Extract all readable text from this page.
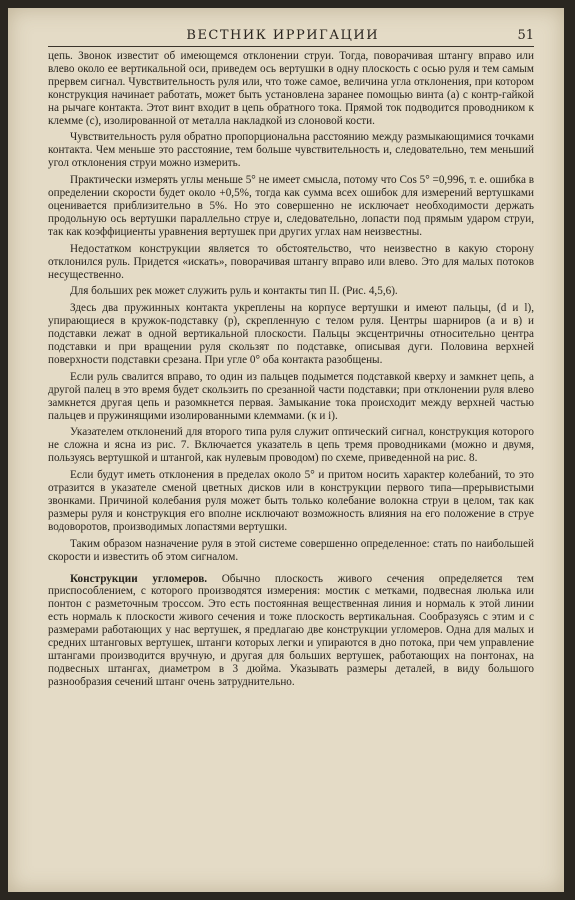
ВЕСТНИК ИРРИГАЦИИ	51

цепь. Звонок известит об имеющемся отклонении струи. Тогда, поворачивая штангу вправо или влево около ее вертикальной оси, приведем ось вертушки в одну плоскость с осью руля и тем самым прервем сигнал. Чувствительность руля или, что тоже самое, величина угла отклонения, при котором конструкция начинает работать, может быть установлена заранее помощью винта (а) с контр-гайкой на рычаге контакта. Этот винт входит в цепь обратного тока. Прямой ток подводится проводником к клемме (с), изолированной от металла накладкой из слоновой кости.

Чувствительность руля обратно пропорциональна расстоянию между размыкающимися точками контакта. Чем меньше это расстояние, тем больше чувствительность и, следовательно, тем меньший угол отклонения струи можно измерить.

Практически измерять углы меньше 5° не имеет смысла, потому что Cos 5° =0,996, т. е. ошибка в определении скорости будет около +0,5%, тогда как сумма всех ошибок для измерений вертушками оценивается приблизительно в 5%. Но это совершенно не исключает необходимости держать продольную ось вертушки параллельно струе и, следовательно, лопасти под прямым ударом струи, так как коэффициенты уравнения вертушек при других углах нам неизвестны.

Недостатком конструкции является то обстоятельство, что неизвестно в какую сторону отклонился руль. Придется «искать», поворачивая штангу вправо или влево. Это для малых потоков несущественно.

Для больших рек может служить руль и контакты тип II. (Рис. 4,5,6).

Здесь два пружинных контакта укреплены на корпусе вертушки и имеют пальцы, (d и l), упирающиеся в кружок-подставку (р), скрепленную с телом руля. Центры шарниров (а и в) и подставки лежат в одной вертикальной плоскости. Пальцы эксцентричны относительно центра подставки и при вращении руля скользят по подставке, описывая дуги. Половина верхней поверхности подставки срезана. При угле 0° оба контакта разобщены.

Если руль свалится вправо, то один из пальцев подымется подставкой кверху и замкнет цепь, а другой палец в это время будет скользить по срезанной части подставки; при отклонении руля влево замкнется другая цепь и разомкнется первая. Замыкание тока происходит между верхней частью пальцев и пружинящими изолированными клеммами. (к и i).

Указателем отклонений для второго типа руля служит оптический сигнал, конструкция которого не сложна и ясна из рис. 7. Включается указатель в цепь тремя проводниками (можно и двумя, пользуясь вертушкой и штангой, как нулевым проводом) по схеме, приведенной на рис. 8.

Если будут иметь отклонения в пределах около 5° и притом носить характер колебаний, то это отразится в указателе сменой цветных дисков или в конструкции первого типа—прерывистыми звонками. Причиной колебания руля может быть только колебание волокна струи в целом, так как размеры руля и конструкция его вполне исключают возможность влияния на его положение в струе водоворотов, производимых лопастями вертушки.

Таким образом назначение руля в этой системе совершенно определенное: стать по наибольшей скорости и известить об этом сигналом.

Конструкции угломеров. Обычно плоскость живого сечения определяется тем приспособлением, с которого производятся измерения: мостик с метками, подвесная люлька или понтон с разметочным троссом. Это есть постоянная вещественная линия и нормаль к этой линии есть нормаль к плоскости живого сечения и тоже плоскость вертикальная. Сообразуясь с этим и с размерами работающих у нас вертушек, я предлагаю две конструкции угломеров. Одна для малых и средних штанговых вертушек, штанги которых легки и упираются в дно потока, при чем управление штангами производится вручную, и другая для больших вертушек, работающих на понтонах, на подвесных штангах, диаметром в 3 дюйма. Указывать размеры деталей, в виду большого разнообразия сечений штанг очень затруднительно.
